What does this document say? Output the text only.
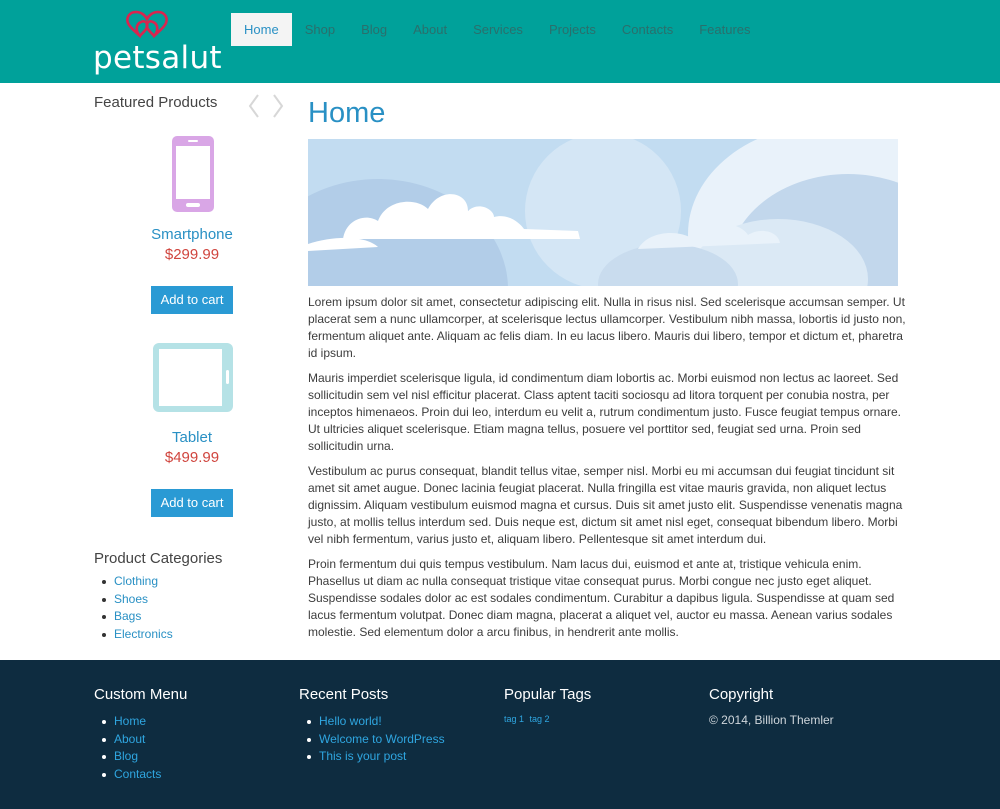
petsalut
Home	Shop	Blog	About	Services	Projects	Contacts	Features
Featured Products
Smartphone
$299.99
Add to cart
Tablet
$499.99
Add to cart
Product Categories
Clothing
Shoes
Bags
Electronics
Home

Lorem ipsum dolor sit amet, consectetur adipiscing elit. Nulla in risus nisl. Sed scelerisque accumsan semper. Ut placerat sem a nunc ullamcorper, at scelerisque lectus ullamcorper. Vestibulum nibh massa, lobortis id justo non, fermentum aliquet ante. Aliquam ac felis diam. In eu lacus libero. Mauris dui libero, tempor et dictum et, pharetra id ipsum.

Mauris imperdiet scelerisque ligula, id condimentum diam lobortis ac. Morbi euismod non lectus ac laoreet. Sed sollicitudin sem vel nisl efficitur placerat. Class aptent taciti sociosqu ad litora torquent per conubia nostra, per inceptos himenaeos. Proin dui leo, interdum eu velit a, rutrum condimentum justo. Fusce feugiat tempus ornare. Ut ultricies aliquet scelerisque. Etiam magna tellus, posuere vel porttitor sed, feugiat sed urna. Proin sed sollicitudin urna.

Vestibulum ac purus consequat, blandit tellus vitae, semper nisl. Morbi eu mi accumsan dui feugiat tincidunt sit amet sit amet augue. Donec lacinia feugiat placerat. Nulla fringilla est vitae mauris gravida, non aliquet lectus dignissim. Aliquam vestibulum euismod magna et cursus. Duis sit amet justo elit. Suspendisse venenatis magna justo, at mollis tellus interdum sed. Duis neque est, dictum sit amet nisl eget, consequat bibendum libero. Morbi vel nibh fermentum, varius justo et, aliquam libero. Pellentesque sit amet interdum dui.

Proin fermentum dui quis tempus vestibulum. Nam lacus dui, euismod et ante at, tristique vehicula enim. Phasellus ut diam ac nulla consequat tristique vitae consequat purus. Morbi congue nec justo eget aliquet. Suspendisse sodales dolor ac est sodales condimentum. Curabitur a dapibus ligula. Suspendisse at quam sed lacus fermentum volutpat. Donec diam magna, placerat a aliquet vel, auctor eu massa. Aenean varius sodales molestie. Sed elementum dolor a arcu finibus, in hendrerit ante mollis.

Custom Menu
Home
About
Blog
Contacts
Recent Posts
Hello world!
Welcome to WordPress
This is your post
Popular Tags
tag 1 tag 2
Copyright
© 2014, Billion Themler
